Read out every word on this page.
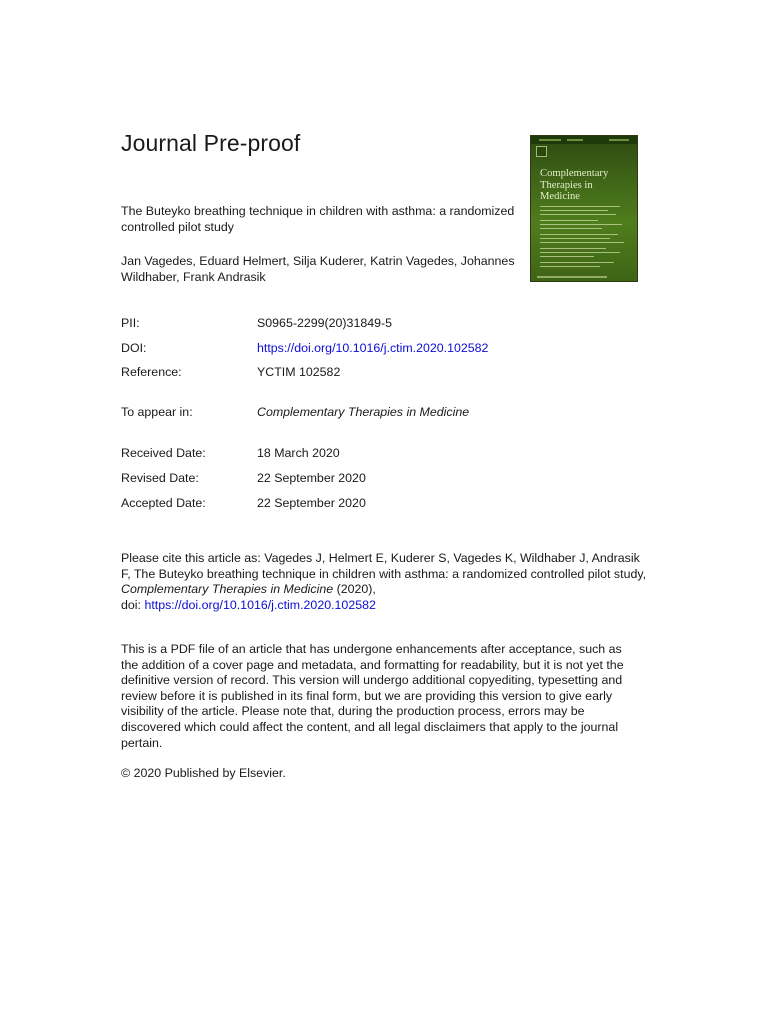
Journal Pre-proof
The Buteyko breathing technique in children with asthma: a randomized controlled pilot study
Jan Vagedes, Eduard Helmert, Silja Kuderer, Katrin Vagedes, Johannes Wildhaber, Frank Andrasik
Complementary
Therapies in
Medicine
PII:	S0965-2299(20)31849-5
DOI:	https://doi.org/10.1016/j.ctim.2020.102582
Reference:	YCTIM 102582
To appear in:	Complementary Therapies in Medicine
Received Date:	18 March 2020
Revised Date:	22 September 2020
Accepted Date:	22 September 2020
Please cite this article as: Vagedes J, Helmert E, Kuderer S, Vagedes K, Wildhaber J, Andrasik F, The Buteyko breathing technique in children with asthma: a randomized controlled pilot study, Complementary Therapies in Medicine (2020),
doi: https://doi.org/10.1016/j.ctim.2020.102582
This is a PDF file of an article that has undergone enhancements after acceptance, such as the addition of a cover page and metadata, and formatting for readability, but it is not yet the definitive version of record. This version will undergo additional copyediting, typesetting and review before it is published in its final form, but we are providing this version to give early visibility of the article. Please note that, during the production process, errors may be discovered which could affect the content, and all legal disclaimers that apply to the journal pertain.
© 2020 Published by Elsevier.
